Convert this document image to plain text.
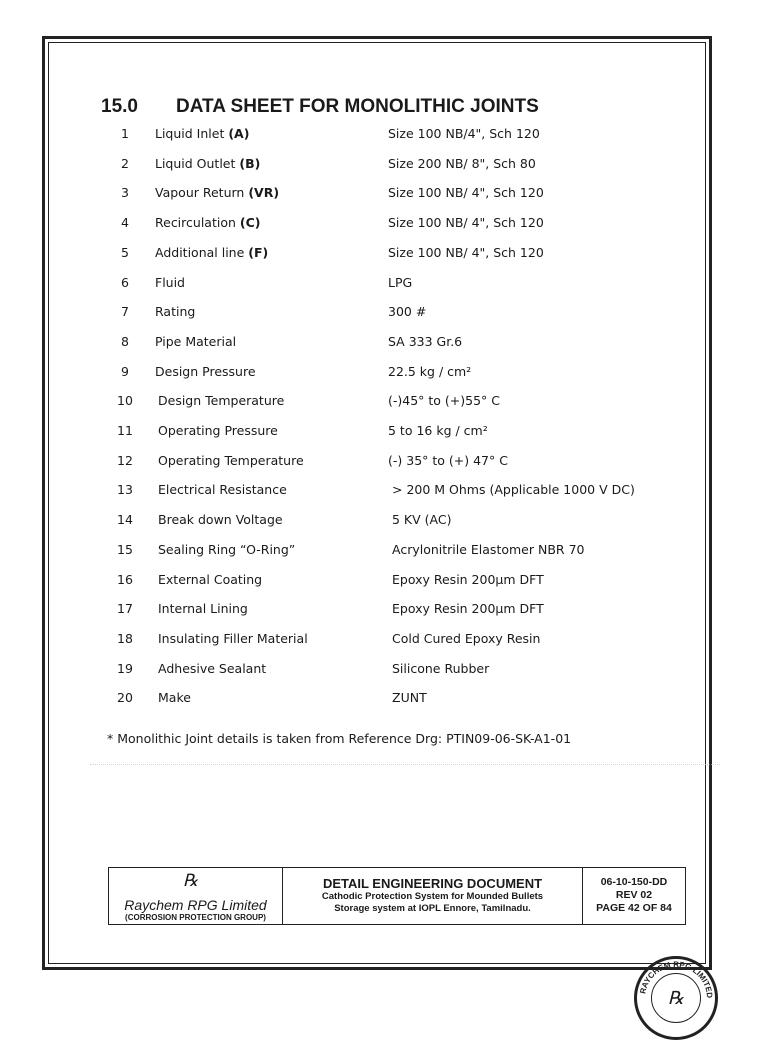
15.0 DATA SHEET FOR MONOLITHIC JOINTS
1	Liquid Inlet (A)	Size 100 NB/4", Sch 120
2	Liquid Outlet (B)	Size 200 NB/ 8", Sch 80
3	Vapour Return (VR)	Size 100 NB/ 4", Sch 120
4	Recirculation (C)	Size 100 NB/ 4", Sch 120
5	Additional line (F)	Size 100 NB/ 4", Sch 120
6	Fluid	LPG
7	Rating	300 #
8	Pipe Material	SA 333 Gr.6
9	Design Pressure	22.5 kg / cm²
10	Design Temperature	(-)45° to (+)55° C
11	Operating Pressure	5 to 16 kg / cm²
12	Operating Temperature	(-) 35° to (+) 47° C
13	Electrical Resistance	> 200 M Ohms (Applicable 1000 V DC)
14	Break down Voltage	5 KV (AC)
15	Sealing Ring “O-Ring”	Acrylonitrile Elastomer NBR 70
16	External Coating	Epoxy Resin 200μm DFT
17	Internal Lining	Epoxy Resin 200μm DFT
18	Insulating Filler Material	Cold Cured Epoxy Resin
19	Adhesive Sealant	Silicone Rubber
20	Make	ZUNT
* Monolithic Joint details is taken from Reference Drg: PTIN09-06-SK-A1-01
℞
Raychem RPG Limited
(CORROSION PROTECTION GROUP)
DETAIL ENGINEERING DOCUMENT
Cathodic Protection System for Mounded Bullets
Storage system at IOPL Ennore, Tamilnadu.
06-10-150-DD
REV 02
PAGE 42 OF 84
RAYCHEM RPG LIMITED
℞
